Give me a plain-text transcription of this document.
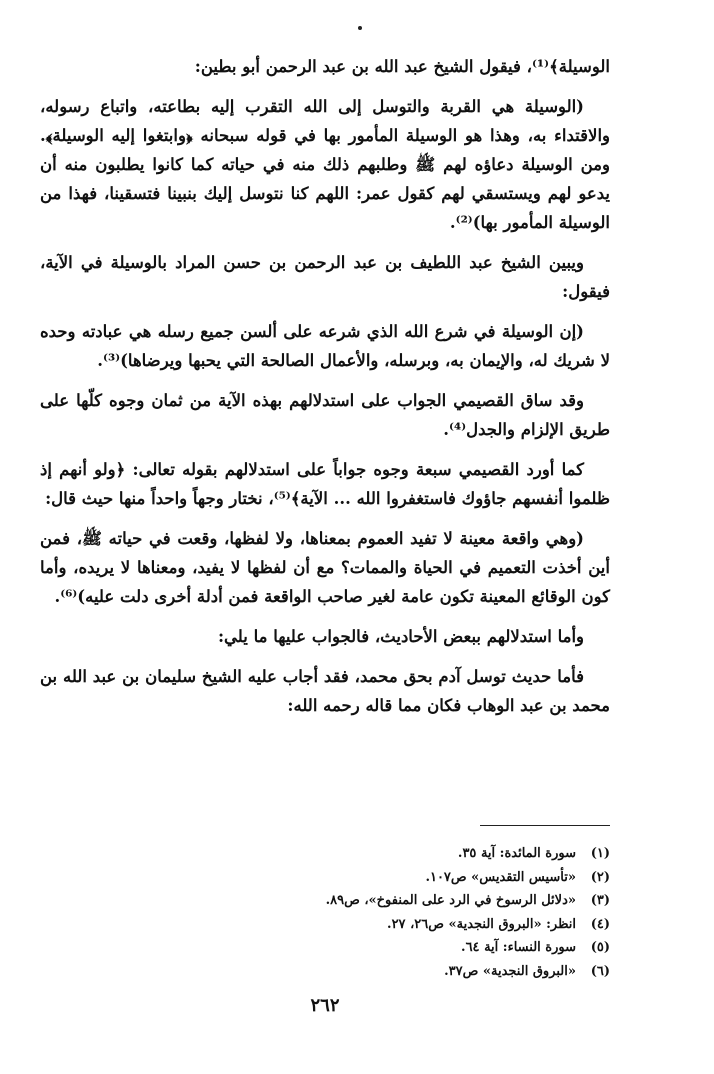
الوسيلة﴾⁽¹⁾، فيقول الشيخ عبد الله بن عبد الرحمن أبو بطين:

(الوسيلة هي القربة والتوسل إلى الله التقرب إليه بطاعته، واتباع رسوله، والاقتداء به، وهذا هو الوسيلة المأمور بها في قوله سبحانه ﴿وابتغوا إليه الوسيلة﴾. ومن الوسيلة دعاؤه لهم ﷺ وطلبهم ذلك منه في حياته كما كانوا يطلبون منه أن يدعو لهم ويستسقي لهم كقول عمر: اللهم كنا نتوسل إليك بنبينا فتسقينا، فهذا من الوسيلة المأمور بها)⁽²⁾.

ويبين الشيخ عبد اللطيف بن عبد الرحمن بن حسن المراد بالوسيلة في الآية، فيقول:

(إن الوسيلة في شرع الله الذي شرعه على ألسن جميع رسله هي عبادته وحده لا شريك له، والإيمان به، وبرسله، والأعمال الصالحة التي يحبها ويرضاها)⁽³⁾.

وقد ساق القصيمي الجواب على استدلالهم بهذه الآية من ثمان وجوه كلّها على طريق الإلزام والجدل⁽⁴⁾.

كما أورد القصيمي سبعة وجوه جواباً على استدلالهم بقوله تعالى: ﴿ولو أنهم إذ ظلموا أنفسهم جاؤوك فاستغفروا الله ... الآية﴾⁽⁵⁾، نختار وجهاً واحداً منها حيث قال:

(وهي واقعة معينة لا تفيد العموم بمعناها، ولا لفظها، وقعت في حياته ﷺ، فمن أين أخذت التعميم في الحياة والممات؟ مع أن لفظها لا يفيد، ومعناها لا يريده، وأما كون الوقائع المعينة تكون عامة لغير صاحب الواقعة فمن أدلة أخرى دلت عليه)⁽⁶⁾.

وأما استدلالهم ببعض الأحاديث، فالجواب عليها ما يلي:

فأما حديث توسل آدم بحق محمد، فقد أجاب عليه الشيخ سليمان بن عبد الله بن محمد بن عبد الوهاب فكان مما قاله رحمه الله:

(١)
سورة المائدة: آية ٣٥.
(٢)
«تأسيس التقديس» ص١٠٧.
(٣)
«دلائل الرسوخ في الرد على المنفوخ»، ص٨٩.
(٤)
انظر: «البروق النجدية» ص٢٦، ٢٧.
(٥)
سورة النساء: آية ٦٤.
(٦)
«البروق النجدية» ص٣٧.
٢٦٢
